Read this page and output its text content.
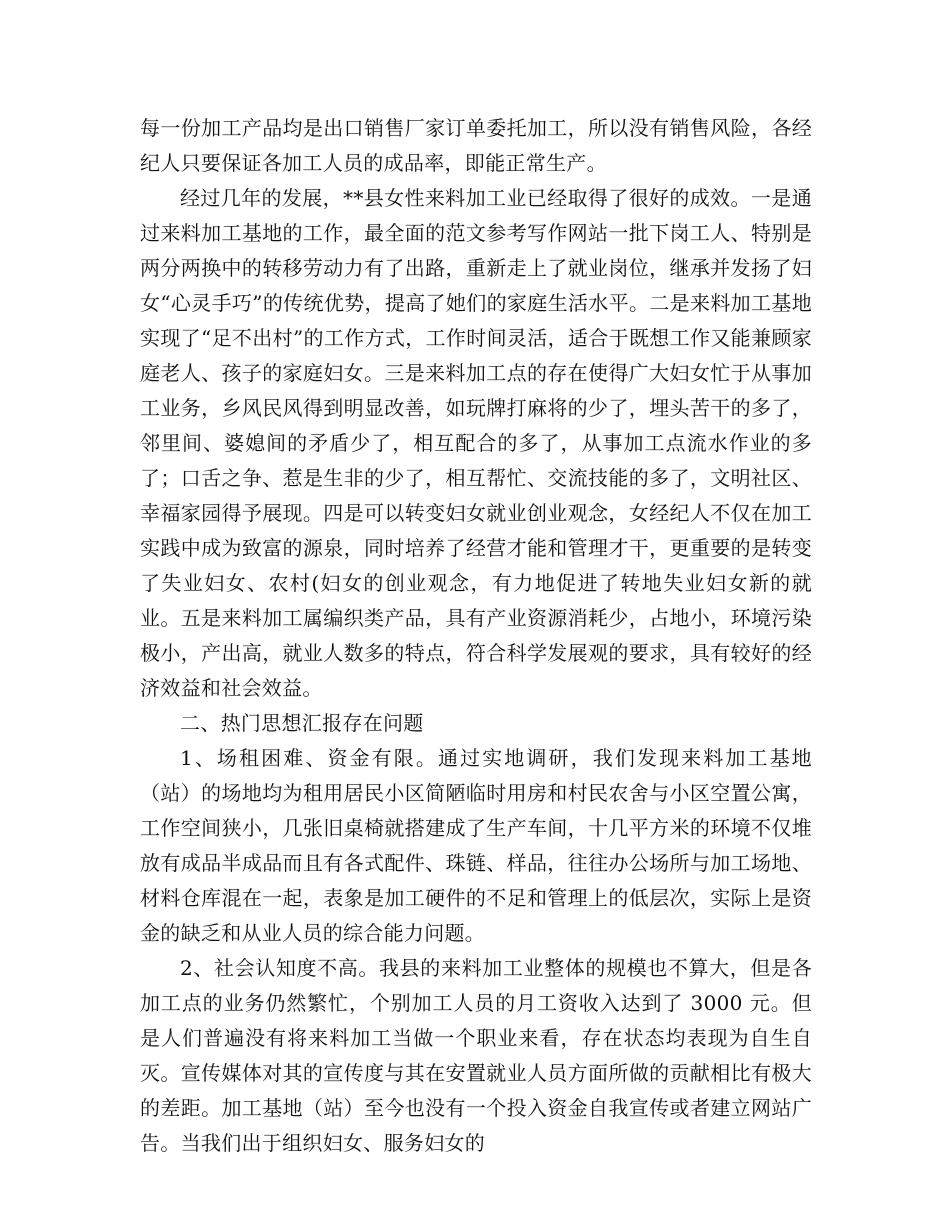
每一份加工产品均是出口销售厂家订单委托加工，所以没有销售风险，各经纪人只要保证各加工人员的成品率，即能正常生产。

经过几年的发展，**县女性来料加工业已经取得了很好的成效。一是通过来料加工基地的工作，最全面的范文参考写作网站一批下岗工人、特别是两分两换中的转移劳动力有了出路，重新走上了就业岗位，继承并发扬了妇女“心灵手巧”的传统优势，提高了她们的家庭生活水平。二是来料加工基地实现了“足不出村”的工作方式，工作时间灵活，适合于既想工作又能兼顾家庭老人、孩子的家庭妇女。三是来料加工点的存在使得广大妇女忙于从事加工业务，乡风民风得到明显改善，如玩牌打麻将的少了，埋头苦干的多了，邻里间、婆媳间的矛盾少了，相互配合的多了，从事加工点流水作业的多了；口舌之争、惹是生非的少了，相互帮忙、交流技能的多了，文明社区、幸福家园得予展现。四是可以转变妇女就业创业观念，女经纪人不仅在加工实践中成为致富的源泉，同时培养了经营才能和管理才干，更重要的是转变了失业妇女、农村(妇女的创业观念，有力地促进了转地失业妇女新的就业。五是来料加工属编织类产品，具有产业资源消耗少，占地小，环境污染极小，产出高，就业人数多的特点，符合科学发展观的要求，具有较好的经济效益和社会效益。

二、热门思想汇报存在问题

1、场租困难、资金有限。通过实地调研，我们发现来料加工基地（站）的场地均为租用居民小区简陋临时用房和村民农舍与小区空置公寓，工作空间狭小，几张旧桌椅就搭建成了生产车间，十几平方米的环境不仅堆放有成品半成品而且有各式配件、珠链、样品，往往办公场所与加工场地、材料仓库混在一起，表象是加工硬件的不足和管理上的低层次，实际上是资金的缺乏和从业人员的综合能力问题。

2、社会认知度不高。我县的来料加工业整体的规模也不算大，但是各加工点的业务仍然繁忙，个别加工人员的月工资收入达到了 3000 元。但是人们普遍没有将来料加工当做一个职业来看，存在状态均表现为自生自灭。宣传媒体对其的宣传度与其在安置就业人员方面所做的贡献相比有极大的差距。加工基地（站）至今也没有一个投入资金自我宣传或者建立网站广告。当我们出于组织妇女、服务妇女的
